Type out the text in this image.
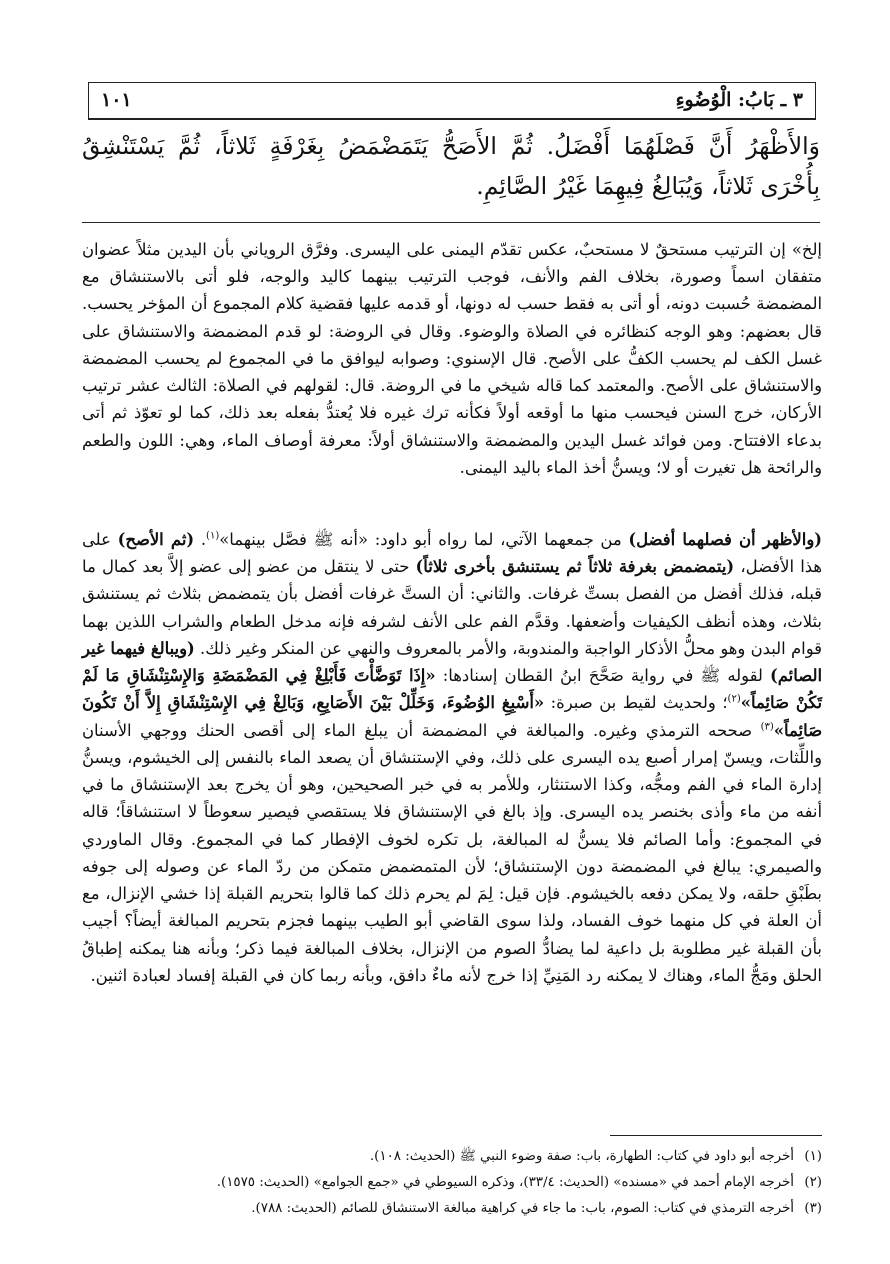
٣ ـ بَابُ: الْوُضُوءِ
١٠١
وَالأَظْهَرُ أَنَّ فَصْلَهُمَا أَفْضَلُ. ثُمَّ الأَصَحُّ يَتَمَضْمَضُ بِغَرْفَةٍ ثَلاثاً، ثُمَّ يَسْتَنْشِقُ بِأُخْرَى ثَلاثاً، وَيُبَالِغُ فِيهِمَا غَيْرُ الصَّائِمِ.
إلخ» إن الترتيب مستحقٌ لا مستحبٌ، عكس تقدّم اليمنى على اليسرى. وفرَّق الروياني بأن اليدين مثلاً عضوان متفقان اسماً وصورة، بخلاف الفم والأنف، فوجب الترتيب بينهما كاليد والوجه، فلو أتى بالاستنشاق مع المضمضة حُسبت دونه، أو أتى به فقط حسب له دونها، أو قدمه عليها فقضية كلام المجموع أن المؤخر يحسب. قال بعضهم: وهو الوجه كنظائره في الصلاة والوضوء. وقال في الروضة: لو قدم المضمضة والاستنشاق على غسل الكف لم يحسب الكفُّ على الأصح. قال الإسنوي: وصوابه ليوافق ما في المجموع لم يحسب المضمضة والاستنشاق على الأصح. والمعتمد كما قاله شيخي ما في الروضة. قال: لقولهم في الصلاة: الثالث عشر ترتيب الأركان، خرج السنن فيحسب منها ما أوقعه أولاً فكأنه ترك غيره فلا يُعتدُّ بفعله بعد ذلك، كما لو تعوّذ ثم أتى بدعاء الافتتاح. ومن فوائد غسل اليدين والمضمضة والاستنشاق أولاً: معرفة أوصاف الماء، وهي: اللون والطعم والرائحة هل تغيرت أو لا؛ ويسنُّ أخذ الماء باليد اليمنى.
(والأظهر أن فصلهما أفضل) من جمعهما الآتي، لما رواه أبو داود: «أنه ﷺ فصَّل بينهما»$^{(١)}$. (ثم الأصح) على هذا الأفضل، (يتمضمض بغرفة ثلاثاً ثم يستنشق بأخرى ثلاثاً) حتى لا ينتقل من عضو إلى عضو إلاَّ بعد كمال ما قبله، فذلك أفضل من الفصل بستِّ غرفات. والثاني: أن الستَّ غرفات أفضل بأن يتمضمض بثلاث ثم يستنشق بثلاث، وهذه أنظف الكيفيات وأضعفها. وقدَّم الفم على الأنف لشرفه فإنه مدخل الطعام والشراب اللذين بهما قوام البدن وهو محلُّ الأذكار الواجبة والمندوبة، والأمر بالمعروف والنهي عن المنكر وغير ذلك. (ويبالغ فيهما غير الصائم) لقوله ﷺ في رواية صَحَّحَ ابنُ القطان إسنادها: «إِذَا تَوَضَّأْتَ فَأَبْلِغْ فِي المَضْمَضَةِ وَالإِسْتِنْشَاقِ مَا لَمْ تَكُنْ صَائِماً»$^{(٢)}$؛ ولحديث لقيط بن صبرة: «أَسْبِغِ الوُضُوءَ، وَخَلِّلْ بَيْنَ الأَصَابِعِ، وَبَالِغْ فِي الإِسْتِنْشَاقِ إِلاَّ أَنْ تَكُونَ صَائِماً»$^{(٣)}$ صححه الترمذي وغيره. والمبالغة في المضمضة أن يبلغ الماء إلى أقصى الحنك ووجهي الأسنان واللِّثات، ويسنّ إمرار أصبع يده اليسرى على ذلك، وفي الإستنشاق أن يصعد الماء بالنفس إلى الخيشوم، ويسنُّ إدارة الماء في الفم ومجُّه، وكذا الاستنثار، وللأمر به في خبر الصحيحين، وهو أن يخرج بعد الإستنشاق ما في أنفه من ماء وأذى بخنصر يده اليسرى. وإذ بالغ في الإستنشاق فلا يستقصي فيصير سعوطاً لا استنشاقاً؛ قاله في المجموع: وأما الصائم فلا يسنُّ له المبالغة، بل تكره لخوف الإفطار كما في المجموع. وقال الماوردي والصيمري: يبالغ في المضمضة دون الإستنشاق؛ لأن المتمضمض متمكن من ردّ الماء عن وصوله إلى جوفه بطَبْقِ حلقه، ولا يمكن دفعه بالخيشوم. فإن قيل: لِمَ لم يحرم ذلك كما قالوا بتحريم القبلة إذا خشي الإنزال، مع أن العلة في كل منهما خوف الفساد، ولذا سوى القاضي أبو الطيب بينهما فجزم بتحريم المبالغة أيضاً؟ أجيب بأن القبلة غير مطلوبة بل داعية لما يضادُّ الصوم من الإنزال، بخلاف المبالغة فيما ذكر؛ وبأنه هنا يمكنه إطباقُ الحلق ومَجُّ الماء، وهناك لا يمكنه رد المَنِيِّ إذا خرج لأنه ماءٌ دافق، وبأنه ربما كان في القبلة إفساد لعبادة اثنين.
(١)أخرجه أبو داود في كتاب: الطهارة، باب: صفة وضوء النبي ﷺ (الحديث: ١٠٨).
(٢)أخرجه الإمام أحمد في «مسنده» (الحديث: ٣٣/٤)، وذكره السيوطي في «جمع الجوامع» (الحديث: ١٥٧٥).
(٣)أخرجه الترمذي في كتاب: الصوم، باب: ما جاء في كراهية مبالغة الاستنشاق للصائم (الحديث: ٧٨٨).
